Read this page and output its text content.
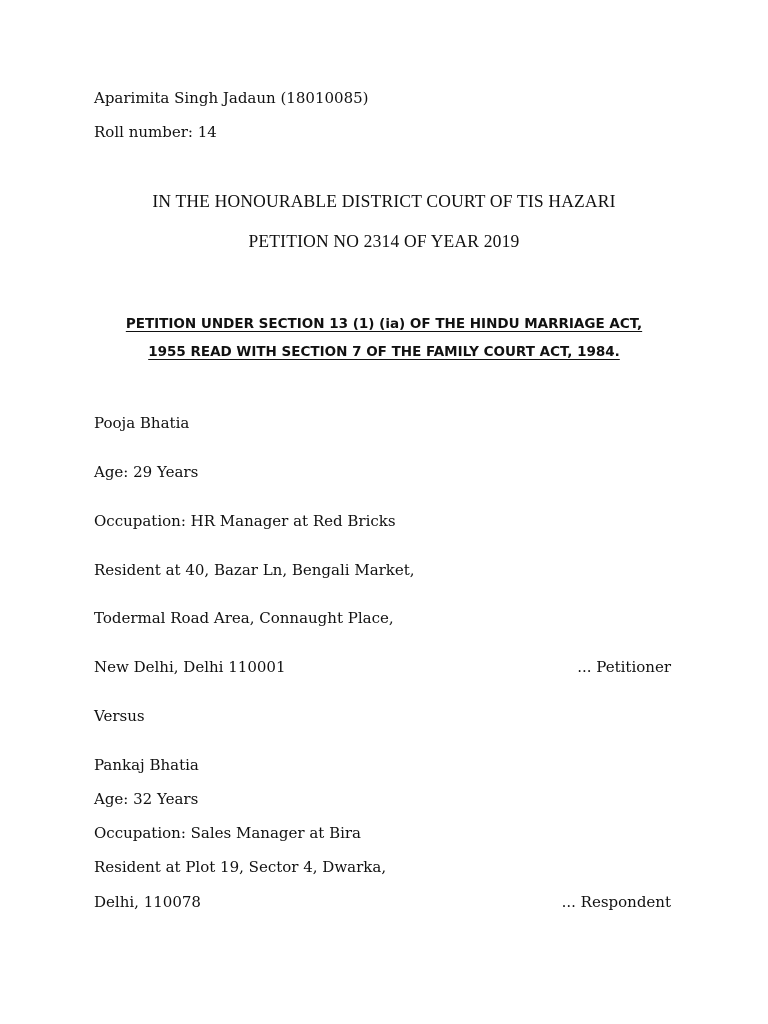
Aparimita Singh Jadaun (18010085)
Roll number: 14
IN THE HONOURABLE DISTRICT COURT OF TIS HAZARI
PETITION NO 2314 OF YEAR 2019
PETITION UNDER SECTION 13 (1) (ia) OF THE HINDU MARRIAGE ACT,
1955 READ WITH SECTION 7 OF THE FAMILY COURT ACT, 1984.
Pooja Bhatia
Age: 29 Years
Occupation: HR Manager at Red Bricks
Resident at 40, Bazar Ln, Bengali Market,
Todermal Road Area, Connaught Place,
New Delhi, Delhi 110001	... Petitioner
Versus
Pankaj Bhatia
Age: 32 Years
Occupation: Sales Manager at Bira
Resident at Plot 19, Sector 4, Dwarka,
Delhi, 110078	... Respondent
